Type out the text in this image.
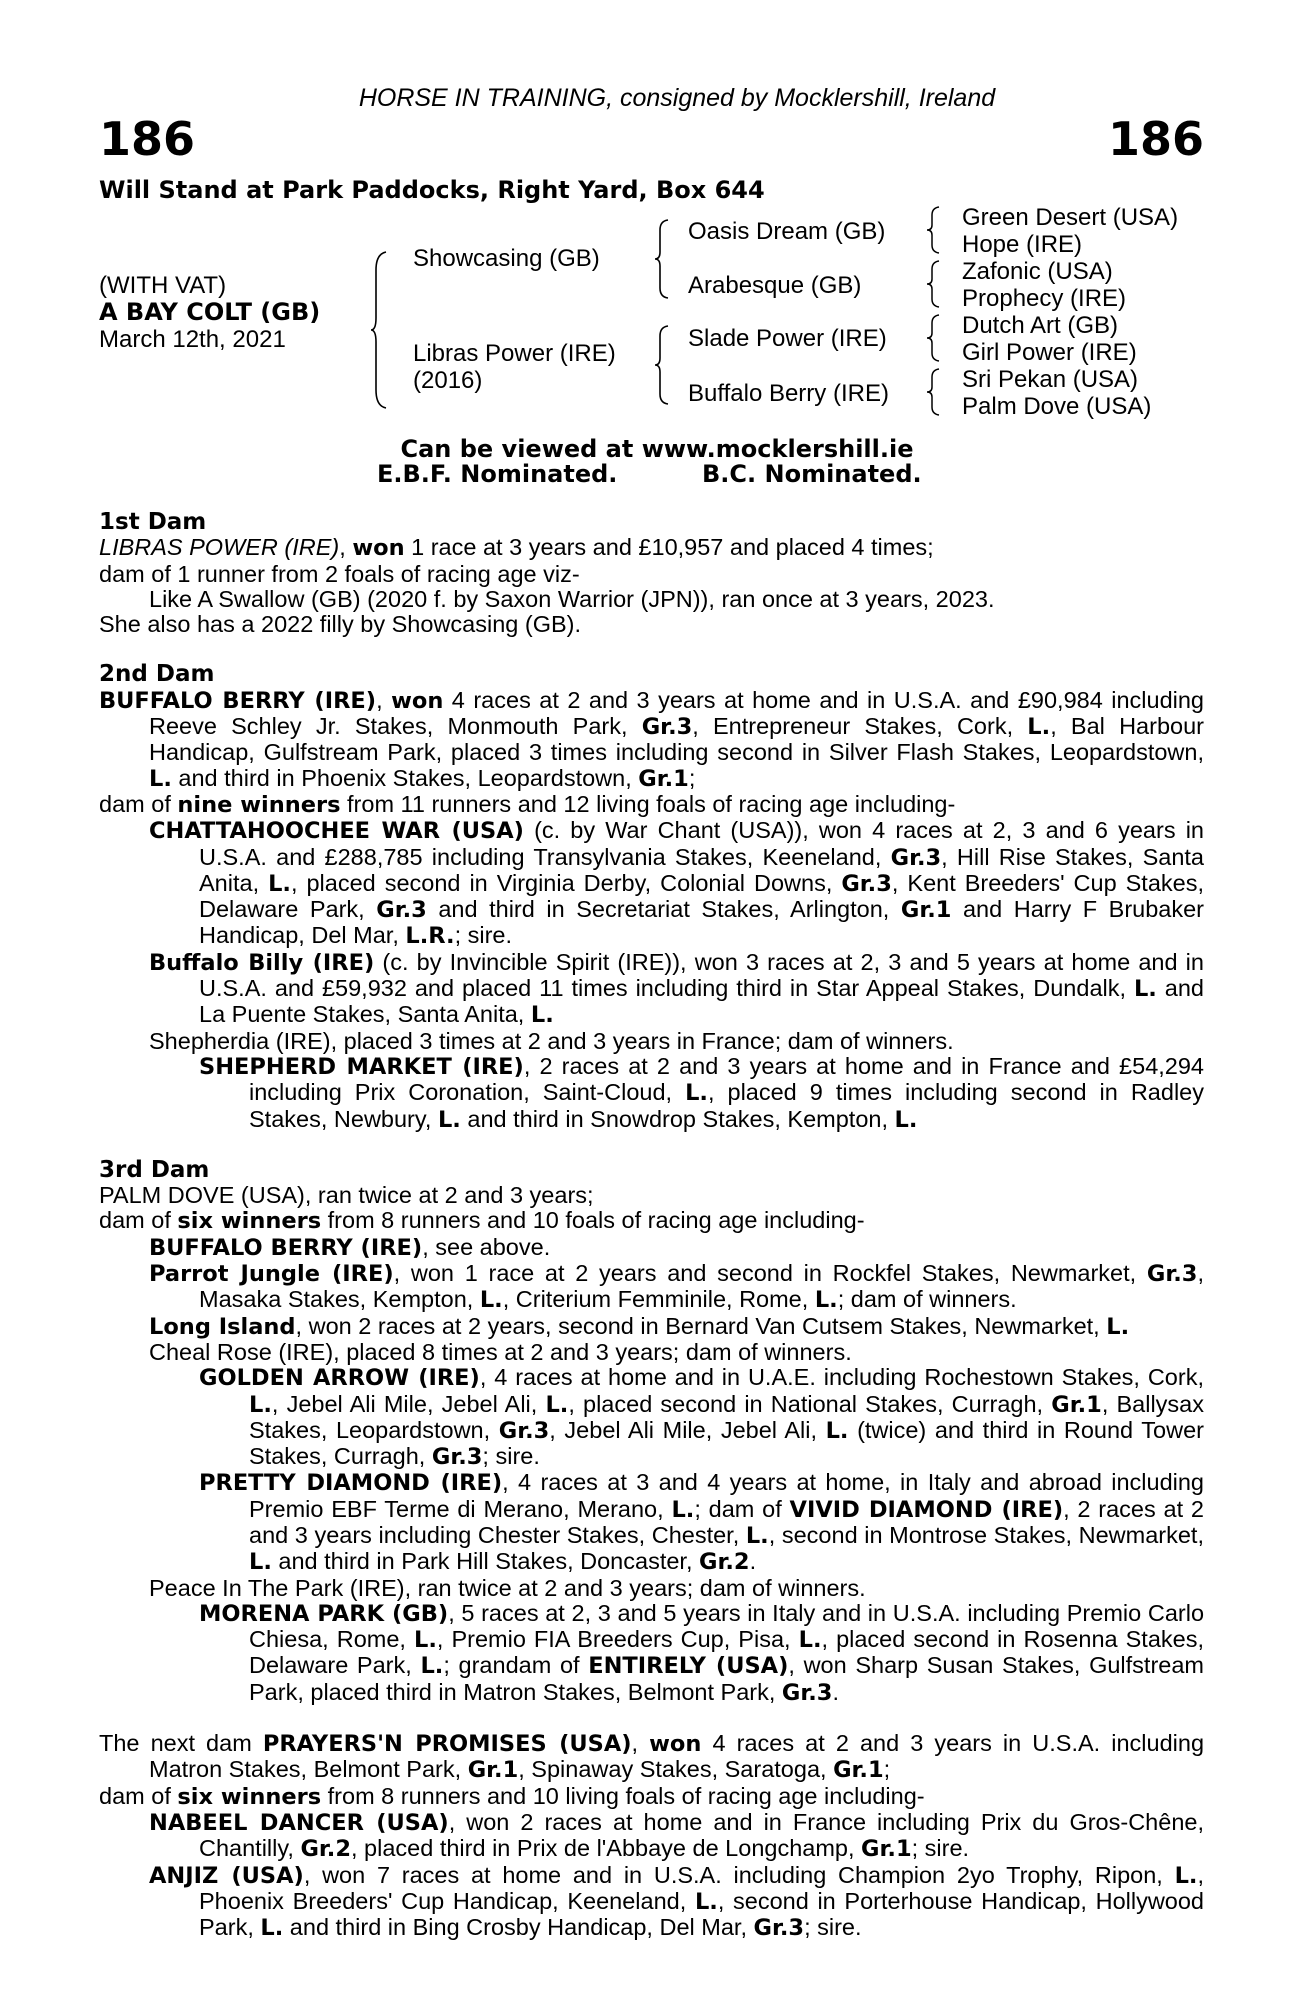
HORSE IN TRAINING, consigned by Mocklershill, Ireland
186	186
Will Stand at Park Paddocks, Right Yard, Box 644
(WITH VAT)
A BAY COLT (GB)
March 12th, 2021
Showcasing (GB)
Libras Power (IRE)
(2016)
Oasis Dream (GB)
Arabesque (GB)
Slade Power (IRE)
Buffalo Berry (IRE)
Green Desert (USA)
Hope (IRE)
Zafonic (USA)
Prophecy (IRE)
Dutch Art (GB)
Girl Power (IRE)
Sri Pekan (USA)
Palm Dove (USA)
Can be viewed at www.mocklershill.ie
E.B.F. Nominated.	B.C. Nominated.

1st Dam

LIBRAS POWER (IRE), won 1 race at 3 years and £10,957 and placed 4 times;

dam of 1 runner from 2 foals of racing age viz-

Like A Swallow (GB) (2020 f. by Saxon Warrior (JPN)), ran once at 3 years, 2023.

She also has a 2022 filly by Showcasing (GB).

2nd Dam

BUFFALO BERRY (IRE), won 4 races at 2 and 3 years at home and in U.S.A. and £90,984 including Reeve Schley Jr. Stakes, Monmouth Park, Gr.3, Entrepreneur Stakes, Cork, L., Bal Harbour Handicap, Gulfstream Park, placed 3 times including second in Silver Flash Stakes, Leopardstown, L. and third in Phoenix Stakes, Leopardstown, Gr.1;

dam of nine winners from 11 runners and 12 living foals of racing age including-

CHATTAHOOCHEE WAR (USA) (c. by War Chant (USA)), won 4 races at 2, 3 and 6 years in U.S.A. and £288,785 including Transylvania Stakes, Keeneland, Gr.3, Hill Rise Stakes, Santa Anita, L., placed second in Virginia Derby, Colonial Downs, Gr.3, Kent Breeders' Cup Stakes, Delaware Park, Gr.3 and third in Secretariat Stakes, Arlington, Gr.1 and Harry F Brubaker Handicap, Del Mar, L.R.; sire.

Buffalo Billy (IRE) (c. by Invincible Spirit (IRE)), won 3 races at 2, 3 and 5 years at home and in U.S.A. and £59,932 and placed 11 times including third in Star Appeal Stakes, Dundalk, L. and La Puente Stakes, Santa Anita, L.

Shepherdia (IRE), placed 3 times at 2 and 3 years in France; dam of winners.

SHEPHERD MARKET (IRE), 2 races at 2 and 3 years at home and in France and £54,294 including Prix Coronation, Saint-Cloud, L., placed 9 times including second in Radley Stakes, Newbury, L. and third in Snowdrop Stakes, Kempton, L.

3rd Dam

PALM DOVE (USA), ran twice at 2 and 3 years;

dam of six winners from 8 runners and 10 foals of racing age including-

BUFFALO BERRY (IRE), see above.

Parrot Jungle (IRE), won 1 race at 2 years and second in Rockfel Stakes, Newmarket, Gr.3, Masaka Stakes, Kempton, L., Criterium Femminile, Rome, L.; dam of winners.

Long Island, won 2 races at 2 years, second in Bernard Van Cutsem Stakes, Newmarket, L.

Cheal Rose (IRE), placed 8 times at 2 and 3 years; dam of winners.

GOLDEN ARROW (IRE), 4 races at home and in U.A.E. including Rochestown Stakes, Cork, L., Jebel Ali Mile, Jebel Ali, L., placed second in National Stakes, Curragh, Gr.1, Ballysax Stakes, Leopardstown, Gr.3, Jebel Ali Mile, Jebel Ali, L. (twice) and third in Round Tower Stakes, Curragh, Gr.3; sire.

PRETTY DIAMOND (IRE), 4 races at 3 and 4 years at home, in Italy and abroad including Premio EBF Terme di Merano, Merano, L.; dam of VIVID DIAMOND (IRE), 2 races at 2 and 3 years including Chester Stakes, Chester, L., second in Montrose Stakes, Newmarket, L. and third in Park Hill Stakes, Doncaster, Gr.2.

Peace In The Park (IRE), ran twice at 2 and 3 years; dam of winners.

MORENA PARK (GB), 5 races at 2, 3 and 5 years in Italy and in U.S.A. including Premio Carlo Chiesa, Rome, L., Premio FIA Breeders Cup, Pisa, L., placed second in Rosenna Stakes, Delaware Park, L.; grandam of ENTIRELY (USA), won Sharp Susan Stakes, Gulfstream Park, placed third in Matron Stakes, Belmont Park, Gr.3.

The next dam PRAYERS'N PROMISES (USA), won 4 races at 2 and 3 years in U.S.A. including Matron Stakes, Belmont Park, Gr.1, Spinaway Stakes, Saratoga, Gr.1;

dam of six winners from 8 runners and 10 living foals of racing age including-

NABEEL DANCER (USA), won 2 races at home and in France including Prix du Gros-Chêne, Chantilly, Gr.2, placed third in Prix de l'Abbaye de Longchamp, Gr.1; sire.

ANJIZ (USA), won 7 races at home and in U.S.A. including Champion 2yo Trophy, Ripon, L., Phoenix Breeders' Cup Handicap, Keeneland, L., second in Porterhouse Handicap, Hollywood Park, L. and third in Bing Crosby Handicap, Del Mar, Gr.3; sire.
